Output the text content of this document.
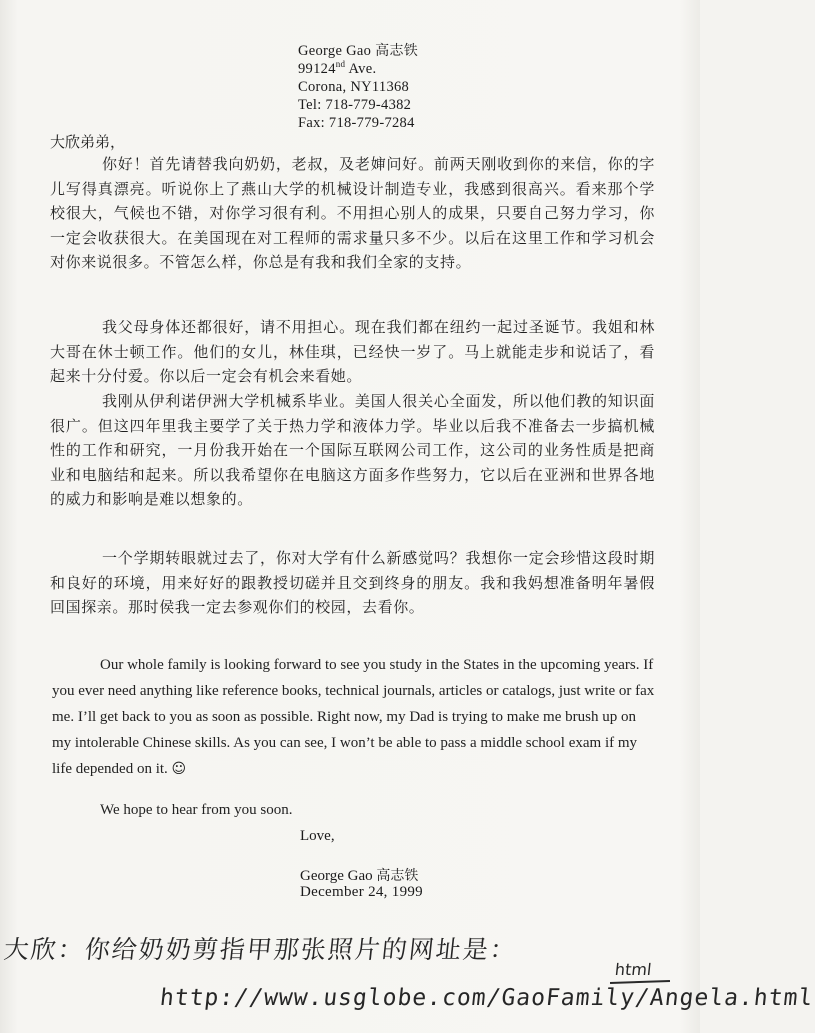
George Gao 高志铁
99124nd Ave.
Corona, NY11368
Tel: 718-779-4382
Fax: 718-779-7284
大欣弟弟，

你好！首先请替我向奶奶，老叔，及老婶问好。前两天刚收到你的来信，你的字儿写得真漂亮。听说你上了燕山大学的机械设计制造专业，我感到很高兴。看来那个学校很大，气候也不错，对你学习很有利。不用担心别人的成果，只要自己努力学习，你一定会收获很大。在美国现在对工程师的需求量只多不少。以后在这里工作和学习机会对你来说很多。不管怎么样，你总是有我和我们全家的支持。

我父母身体还都很好，请不用担心。现在我们都在纽约一起过圣诞节。我姐和林大哥在休士顿工作。他们的女儿，林佳琪，已经快一岁了。马上就能走步和说话了，看起来十分付爱。你以后一定会有机会来看她。

我刚从伊利诺伊洲大学机械系毕业。美国人很关心全面发，所以他们教的知识面很广。但这四年里我主要学了关于热力学和液体力学。毕业以后我不准备去一步搞机械性的工作和研究，一月份我开始在一个国际互联网公司工作，这公司的业务性质是把商业和电脑结和起来。所以我希望你在电脑这方面多作些努力，它以后在亚洲和世界各地的威力和影响是难以想象的。

一个学期转眼就过去了，你对大学有什么新感觉吗？我想你一定会珍惜这段时期和良好的环境，用来好好的跟教授切磋并且交到终身的朋友。我和我妈想准备明年暑假回国探亲。那时侯我一定去参观你们的校园，去看你。

Our whole family is looking forward to see you study in the States in the upcoming years. If you ever need anything like reference books, technical journals, articles or catalogs, just write or fax me. I’ll get back to you as soon as possible. Right now, my Dad is trying to make me brush up on my intolerable Chinese skills. As you can see, I won’t be able to pass a middle school exam if my life depended on it. ☺

We hope to hear from you soon.

Love,
George Gao 高志铁
December 24, 1999
大欣：你给奶奶剪指甲那张照片的网址是：
html
http://www.usglobe.com/GaoFamily/Angela.html
